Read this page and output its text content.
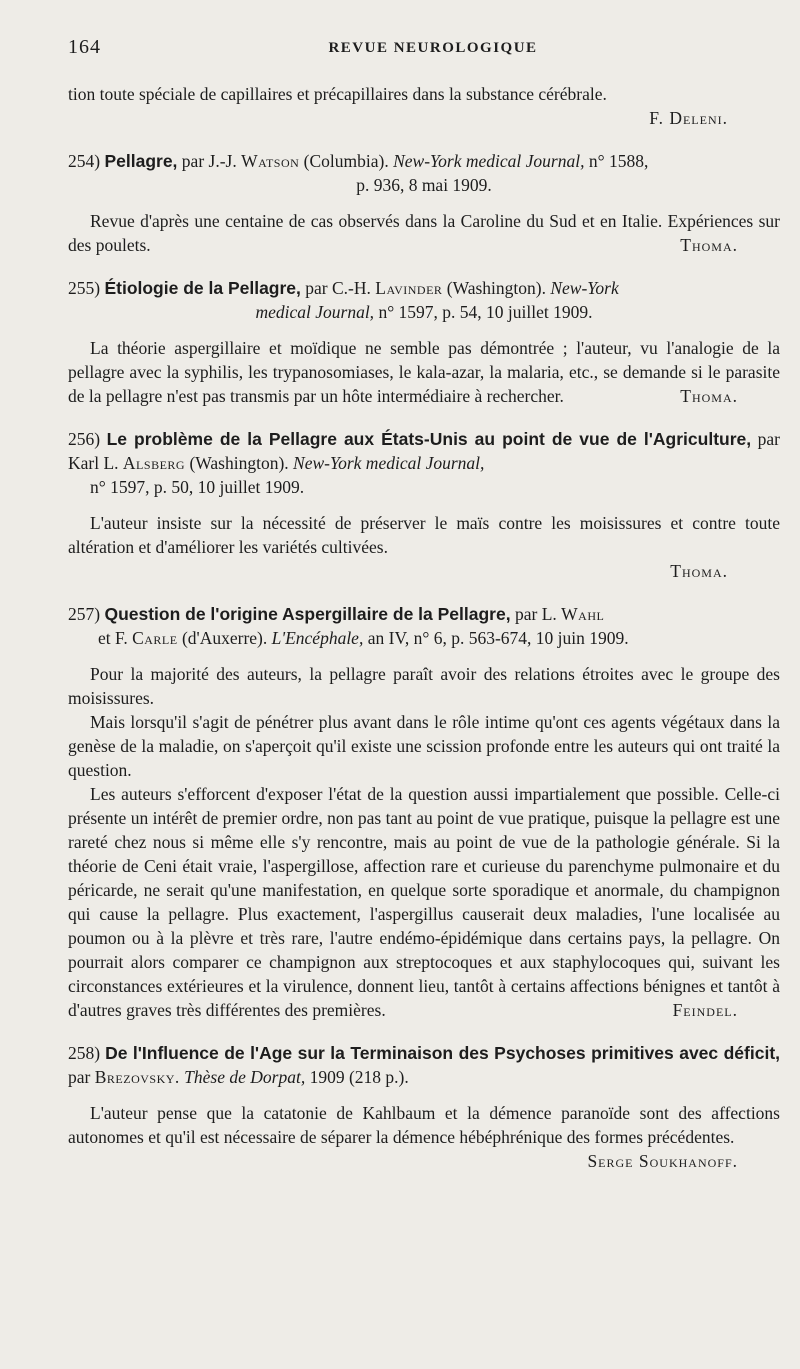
164	REVUE NEUROLOGIQUE

tion toute spéciale de capillaires et précapillaires dans la substance cérébrale.

F. Deleni.

254) Pellagre, par J.-J. Watson (Columbia). New-York medical Journal, n° 1588,

p. 936, 8 mai 1909.

Revue d'après une centaine de cas observés dans la Caroline du Sud et en Italie. Expériences sur des poulets.	Thoma.

255) Étiologie de la Pellagre, par C.-H. Lavinder (Washington). New-York

medical Journal, n° 1597, p. 54, 10 juillet 1909.

La théorie aspergillaire et moïdique ne semble pas démontrée ; l'auteur, vu l'analogie de la pellagre avec la syphilis, les trypanosomiases, le kala-azar, la malaria, etc., se demande si le parasite de la pellagre n'est pas transmis par un hôte intermédiaire à rechercher.	Thoma.

256) Le problème de la Pellagre aux États-Unis au point de vue de l'Agriculture, par Karl L. Alsberg (Washington). New-York medical Journal,

n° 1597, p. 50, 10 juillet 1909.

L'auteur insiste sur la nécessité de préserver le maïs contre les moisissures et contre toute altération et d'améliorer les variétés cultivées.

Thoma.

257) Question de l'origine Aspergillaire de la Pellagre, par L. Wahl

et F. Carle (d'Auxerre). L'Encéphale, an IV, n° 6, p. 563-674, 10 juin 1909.

Pour la majorité des auteurs, la pellagre paraît avoir des relations étroites avec le groupe des moisissures.

Mais lorsqu'il s'agit de pénétrer plus avant dans le rôle intime qu'ont ces agents végétaux dans la genèse de la maladie, on s'aperçoit qu'il existe une scission profonde entre les auteurs qui ont traité la question.

Les auteurs s'efforcent d'exposer l'état de la question aussi impartialement que possible. Celle-ci présente un intérêt de premier ordre, non pas tant au point de vue pratique, puisque la pellagre est une rareté chez nous si même elle s'y rencontre, mais au point de vue de la pathologie générale. Si la théorie de Ceni était vraie, l'aspergillose, affection rare et curieuse du parenchyme pulmonaire et du péricarde, ne serait qu'une manifestation, en quelque sorte sporadique et anormale, du champignon qui cause la pellagre. Plus exactement, l'aspergillus causerait deux maladies, l'une localisée au poumon ou à la plèvre et très rare, l'autre endémo-épidémique dans certains pays, la pellagre. On pourrait alors comparer ce champignon aux streptocoques et aux staphylocoques qui, suivant les circonstances extérieures et la virulence, donnent lieu, tantôt à certains affections bénignes et tantôt à d'autres graves très différentes des premières.	Feindel.

258) De l'Influence de l'Age sur la Terminaison des Psychoses primitives avec déficit, par Brezovsky. Thèse de Dorpat, 1909 (218 p.).

L'auteur pense que la catatonie de Kahlbaum et la démence paranoïde sont des affections autonomes et qu'il est nécessaire de séparer la démence hébéphrénique des formes précédentes.
Serge Soukhanoff.
